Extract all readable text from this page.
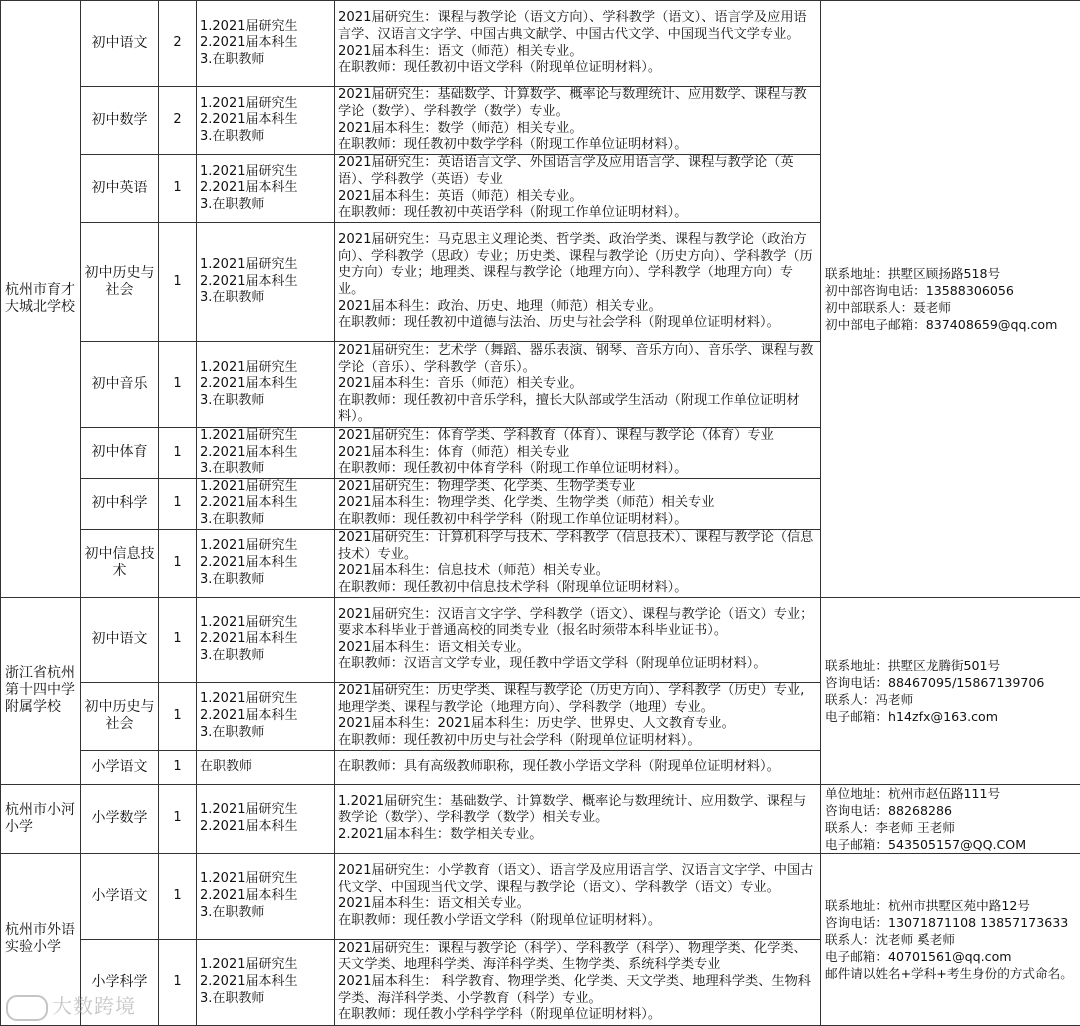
杭州市育才大城北学校	初中语文	2	1.2021届研究生
2.2021届本科生
3.在职教师	2021届研究生：课程与教学论（语文方向）、学科教学（语文）、语言学及应用语言学、汉语言文字学、中国古典文献学、中国古代文学、中国现当代文学专业。
2021届本科生：语文（师范）相关专业。
在职教师：现任教初中语文学科（附现单位证明材料）。	联系地址：拱墅区顾扬路518号
初中部咨询电话：13588306056
初中部联系人：聂老师
初中部电子邮箱：837408659@qq.com
	初中数学	2	1.2021届研究生
2.2021届本科生
3.在职教师	2021届研究生：基础数学、计算数学、概率论与数理统计、应用数学、课程与教学论（数学）、学科教学（数学）专业。
2021届本科生：数学（师范）相关专业。
在职教师：现任教初中数学学科（附现工作单位证明材料）。	
	初中英语	1	1.2021届研究生
2.2021届本科生
3.在职教师	2021届研究生：英语语言文学、外国语言学及应用语言学、课程与教学论（英语）、学科教学（英语）专业
2021届本科生：英语（师范）相关专业。
在职教师：现任教初中英语学科（附现工作单位证明材料）。	
	初中历史与社会	1	1.2021届研究生
2.2021届本科生
3.在职教师	2021届研究生：马克思主义理论类、哲学类、政治学类、课程与教学论（政治方向）、学科教学（思政）专业；历史类、课程与教学论（历史方向）、学科教学（历史方向）专业；地理类、课程与教学论（地理方向）、学科教学（地理方向）专业。
2021届本科生：政治、历史、地理（师范）相关专业。
在职教师：现任教初中道德与法治、历史与社会学科（附现单位证明材料）。	
	初中音乐	1	1.2021届研究生
2.2021届本科生
3.在职教师	2021届研究生：艺术学（舞蹈、器乐表演、钢琴、音乐方向）、音乐学、课程与教学论（音乐）、学科教学（音乐）。
2021届本科生：音乐（师范）相关专业。
在职教师：现任教初中音乐学科，擅长大队部或学生活动（附现工作单位证明材料）。	
	初中体育	1	1.2021届研究生
2.2021届本科生
3.在职教师	2021届研究生：体育学类、学科教育（体育）、课程与教学论（体育）专业
2021届本科生：体育（师范）相关专业
在职教师：现任教初中体育学科（附现工作单位证明材料）。	
	初中科学	1	1.2021届研究生
2.2021届本科生
3.在职教师	2021届研究生：物理学类、化学类、生物学类专业
2021届本科生：物理学类、化学类、生物学类（师范）相关专业
在职教师：现任教初中科学学科（附现工作单位证明材料）。	
	初中信息技术	1	1.2021届研究生
2.2021届本科生
3.在职教师	2021届研究生：计算机科学与技术、学科教学（信息技术）、课程与教学论（信息技术）专业。
2021届本科生：信息技术（师范）相关专业。
在职教师：现任教初中信息技术学科（附现单位证明材料）。	
浙江省杭州第十四中学附属学校	初中语文	1	1.2021届研究生
2.2021届本科生
3.在职教师	2021届研究生：汉语言文字学、学科教学（语文）、课程与教学论（语文）专业；要求本科毕业于普通高校的同类专业（报名时须带本科毕业证书）。
2021届本科生：语文相关专业。
在职教师：汉语言文学专业，现任教中学语文学科（附现单位证明材料）。	联系地址：拱墅区龙腾街501号
咨询电话：88467095/15867139706
联系人：冯老师
电子邮箱：h14zfx@163.com
	初中历史与社会	1	1.2021届研究生
2.2021届本科生
3.在职教师	2021届研究生：历史学类、课程与教学论（历史方向）、学科教学（历史）专业,地理学类、课程与教学论（地理方向）、学科教学（地理）专业。
2021届本科生：2021届本科生：历史学、世界史、人文教育专业。
在职教师：现任教初中历史与社会学科（附现单位证明材料）。	
	小学语文	1	在职教师	在职教师：具有高级教师职称，现任教小学语文学科（附现单位证明材料）。	
杭州市小河小学	小学数学	1	1.2021届研究生
2.2021届本科生	1.2021届研究生：基础数学、计算数学、概率论与数理统计、应用数学、课程与教学论（数学）、学科教学（数学）相关专业。
2.2021届本科生：数学相关专业。	单位地址：杭州市赵伍路111号
咨询电话：88268286
联系人：李老师 王老师
电子邮箱：543505157@QQ.COM
杭州市外语实验小学	小学语文	1	1.2021届研究生
2.2021届本科生
3.在职教师	2021届研究生：小学教育（语文）、语言学及应用语言学、汉语言文字学、中国古代文学、中国现当代文学、课程与教学论（语文）、学科教学（语文）专业。
2021届本科生：语文相关专业。
在职教师：现任教小学语文学科（附现单位证明材料）。	联系地址：杭州市拱墅区苑中路12号
咨询电话：13071871108 13857173633
联系人：沈老师 奚老师
电子邮箱：40701561@qq.com
邮件请以姓名+学科+考生身份的方式命名。
	小学科学	1	1.2021届研究生
2.2021届本科生
3.在职教师	2021届研究生：课程与教学论（科学）、学科教学（科学）、物理学类、化学类、天文学类、地理科学类、海洋科学类、生物学类、系统科学类专业
2021届本科生： 科学教育、物理学类、化学类、天文学类、地理科学类、生物科学类、海洋科学类、小学教育（科学）专业。
在职教师：现任教小学科学学科（附现单位证明材料）。	
大数跨境
